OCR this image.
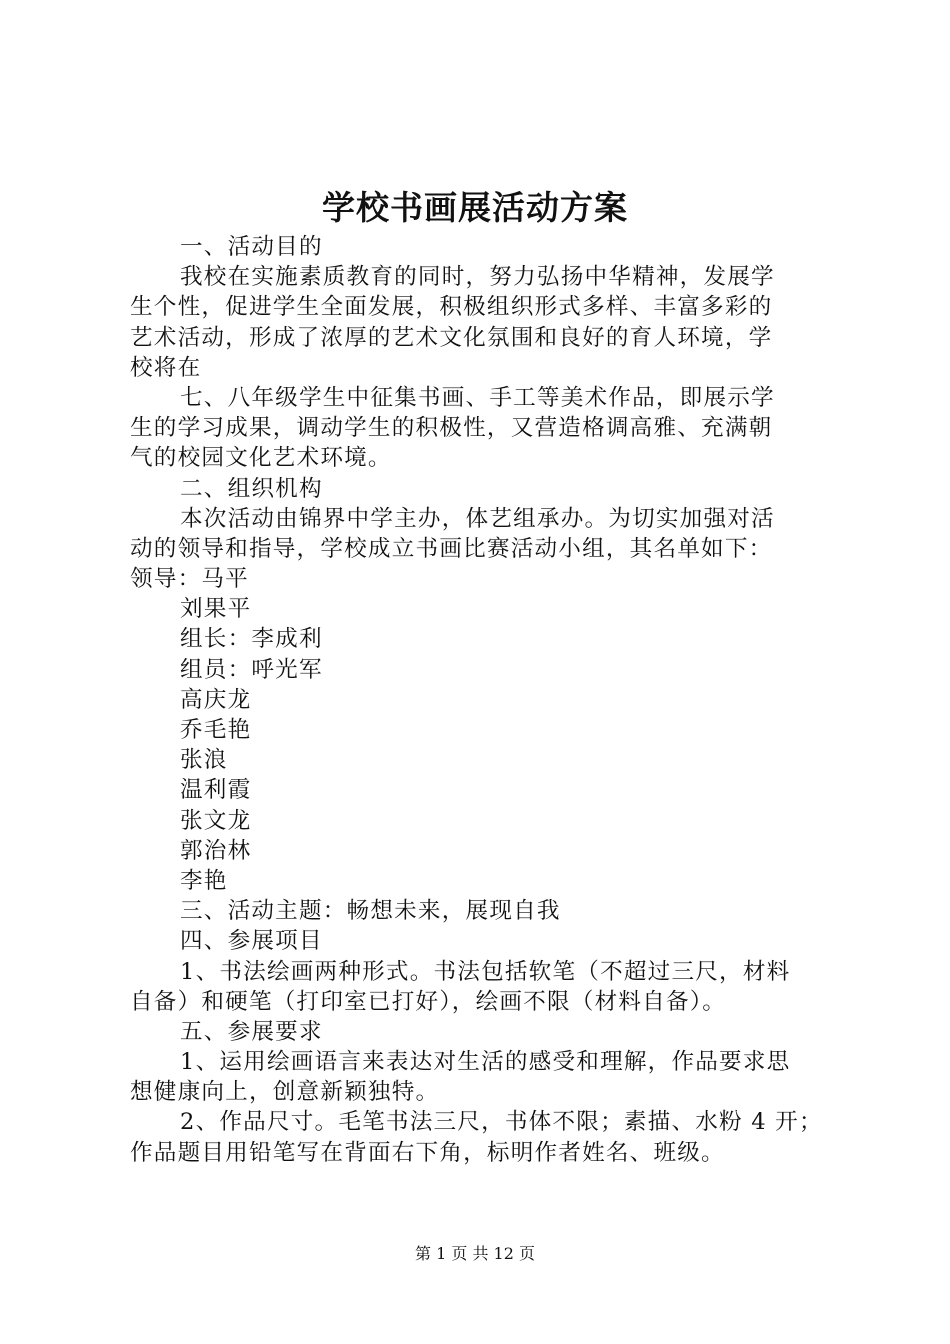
学校书画展活动方案
一、活动目的
我校在实施素质教育的同时，努力弘扬中华精神，发展学
生个性，促进学生全面发展，积极组织形式多样、丰富多彩的
艺术活动，形成了浓厚的艺术文化氛围和良好的育人环境，学
校将在
七、八年级学生中征集书画、手工等美术作品，即展示学
生的学习成果，调动学生的积极性，又营造格调高雅、充满朝
气的校园文化艺术环境。
二、组织机构
本次活动由锦界中学主办，体艺组承办。为切实加强对活
动的领导和指导，学校成立书画比赛活动小组，其名单如下：
领导：马平
刘果平
组长：李成利
组员：呼光军
高庆龙
乔毛艳
张浪
温利霞
张文龙
郭治林
李艳
三、活动主题：畅想未来，展现自我
四、参展项目
1、书法绘画两种形式。书法包括软笔（不超过三尺，材料
自备）和硬笔（打印室已打好），绘画不限（材料自备）。
五、参展要求
1、运用绘画语言来表达对生活的感受和理解，作品要求思
想健康向上，创意新颖独特。
2、作品尺寸。毛笔书法三尺，书体不限；素描、水粉 4 开；
作品题目用铅笔写在背面右下角，标明作者姓名、班级。
第 1 页 共 12 页
